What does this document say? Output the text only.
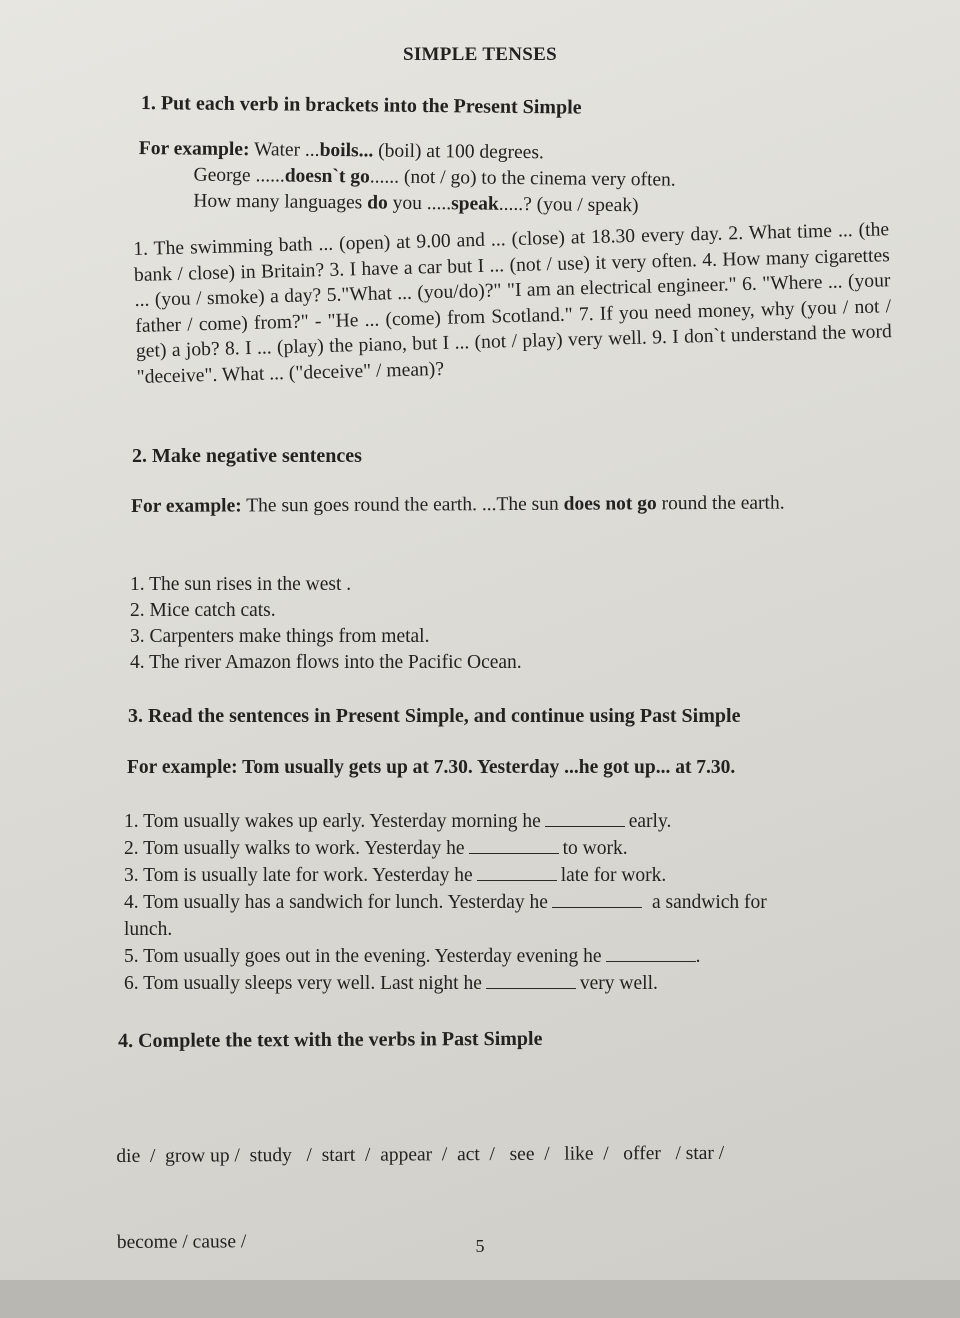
SIMPLE TENSES
1. Put each verb in brackets into the Present Simple
For example: Water ...boils... (boil) at 100 degrees.
George ......doesn`t go...... (not / go) to the cinema very often.
How many languages do you .....speak.....? (you / speak)
1. The swimming bath ... (open) at 9.00 and ... (close) at 18.30 every day. 2. What time ... (the bank / close) in Britain? 3. I have a car but I ... (not / use) it very often. 4. How many cigarettes ... (you / smoke) a day? 5."What ... (you/do)?" "I am an electrical engineer." 6. "Where ... (your father / come) from?" - "He ... (come) from Scotland." 7. If you need money, why (you / not / get) a job? 8. I ... (play) the piano, but I ... (not / play) very well. 9. I don`t understand the word "deceive". What ... ("deceive" / mean)?
2. Make negative sentences
For example: The sun goes round the earth. ...The sun does not go round the earth.
1. The sun rises in the west .
2. Mice catch cats.
3. Carpenters make things from metal.
4. The river Amazon flows into the Pacific Ocean.
3. Read the sentences in Present Simple, and continue using Past Simple
For example: Tom usually gets up at 7.30. Yesterday ...he got up... at 7.30.
1. Tom usually wakes up early. Yesterday morning he	early.
2. Tom usually walks to work. Yesterday he	to work.
3. Tom is usually late for work. Yesterday he	late for work.
4. Tom usually has a sandwich for lunch. Yesterday he	a sandwich for
lunch.
5. Tom usually goes out in the evening. Yesterday evening he	.
6. Tom usually sleeps very well. Last night he	very well.
4. Complete the text with the verbs in Past Simple

die  /  grow up /  study   /  start  /  appear  /  act  /   see  /   like  /   offer   / star /

become / cause /

	5
